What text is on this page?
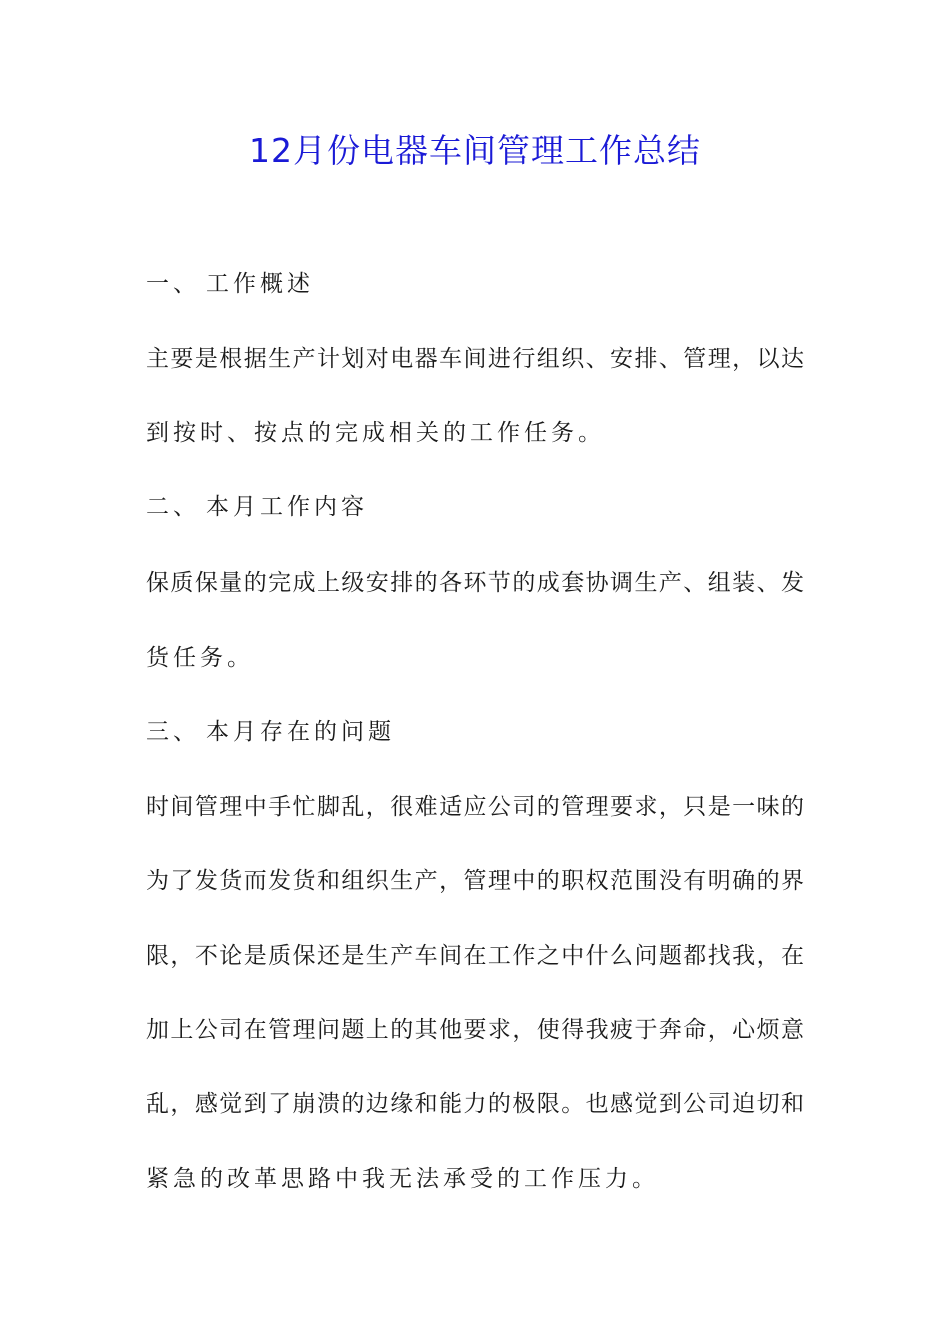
12月份电器车间管理工作总结
一、 工作概述
主要是根据生产计划对电器车间进行组织、安排、管理，以达
到按时、按点的完成相关的工作任务。
二、 本月工作内容
保质保量的完成上级安排的各环节的成套协调生产、组装、发
货任务。
三、 本月存在的问题
时间管理中手忙脚乱，很难适应公司的管理要求，只是一味的
为了发货而发货和组织生产，管理中的职权范围没有明确的界
限，不论是质保还是生产车间在工作之中什么问题都找我，在
加上公司在管理问题上的其他要求，使得我疲于奔命，心烦意
乱，感觉到了崩溃的边缘和能力的极限。也感觉到公司迫切和
紧急的改革思路中我无法承受的工作压力。
